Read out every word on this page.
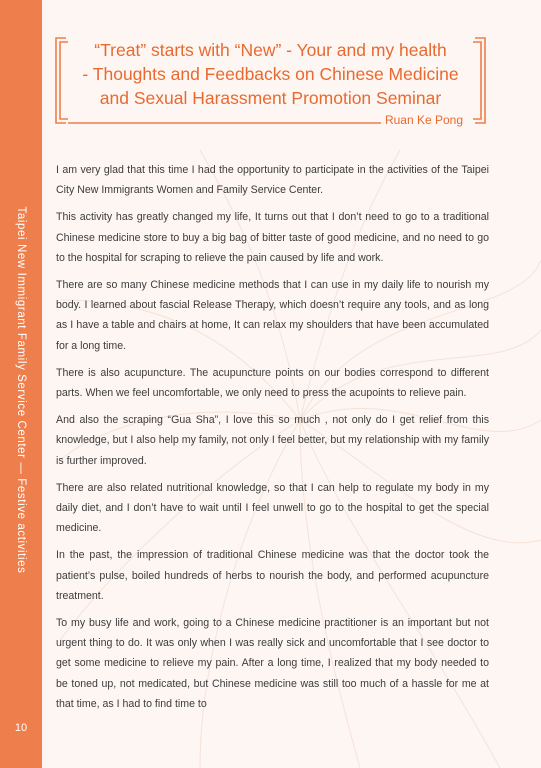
Taipei New Immigrant Family Service Center — Festive activities
10
“Treat” starts with “New” - Your and my health
- Thoughts and Feedbacks on Chinese Medicine
and Sexual Harassment Promotion Seminar
Ruan Ke Pong

I am very glad that this time I had the opportunity to participate in the activities of the Taipei City New Immigrants Women and Family Service Center.

This activity has greatly changed my life, It turns out that I don’t need to go to a traditional Chinese medicine store to buy a big bag of bitter taste of good medicine, and no need to go to the hospital for scraping to relieve the pain caused by life and work.

There are so many Chinese medicine methods that I can use in my daily life to nourish my body. I learned about fascial Release Therapy, which doesn’t require any tools, and as long as I have a table and chairs at home, It can relax my shoulders that have been accumulated for a long time.

There is also acupuncture. The acupuncture points on our bodies correspond to different parts. When we feel uncomfortable, we only need to press the acupoints to relieve pain.

And also the scraping “Gua Sha”, I love this so much , not only do I get relief from this knowledge, but I also help my family, not only I feel better, but my relationship with my family is further improved.

There are also related nutritional knowledge, so that I can help to regulate my body in my daily diet, and I don’t have to wait until I feel unwell to go to the hospital to get the special medicine.

In the past, the impression of traditional Chinese medicine was that the doctor took the patient’s pulse, boiled hundreds of herbs to nourish the body, and performed acupuncture treatment.

To my busy life and work, going to a Chinese medicine practitioner is an important but not urgent thing to do. It was only when I was really sick and uncomfortable that I see doctor to get some medicine to relieve my pain. After a long time, I realized that my body needed to be toned up, not medicated, but Chinese medicine was still too much of a hassle for me at that time, as I had to find time to
